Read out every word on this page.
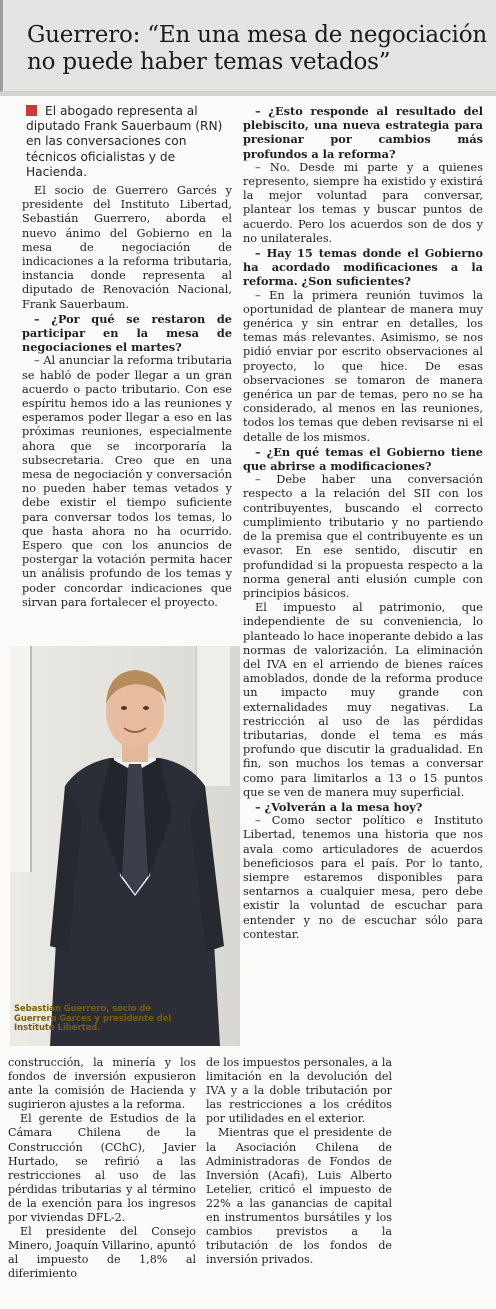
Guerrero: “En una mesa de negociación no puede haber temas vetados”

El abogado representa al diputado Frank Sauerbaum (RN) en las conversaciones con técnicos oficialistas y de Hacienda.

El socio de Guerrero Garcés y presidente del Instituto Libertad, Sebastián Guerrero, aborda el nuevo ánimo del Gobierno en la mesa de negociación de indicaciones a la reforma tributaria, instancia donde representa al diputado de Renovación Nacional, Frank Sauerbaum.

– ¿Por qué se restaron de participar en la mesa de negociaciones el martes?

– Al anunciar la reforma tributaria se habló de poder llegar a un gran acuerdo o pacto tributario. Con ese espíritu hemos ido a las reuniones y esperamos poder llegar a eso en las próximas reuniones, especialmente ahora que se incorporaría la subsecretaria. Creo que en una mesa de negociación y conversación no pueden haber temas vetados y debe existir el tiempo suficiente para conversar todos los temas, lo que hasta ahora no ha ocurrido. Espero que con los anuncios de postergar la votación permita hacer un análisis profundo de los temas y poder concordar indicaciones que sirvan para fortalecer el proyecto.

– ¿Esto responde al resultado del plebiscito, una nueva estrategia para presionar por cambios más profundos a la reforma?

– No. Desde mi parte y a quienes represento, siempre ha existido y existirá la mejor voluntad para conversar, plantear los temas y buscar puntos de acuerdo. Pero los acuerdos son de dos y no unilaterales.

– Hay 15 temas donde el Gobierno ha acordado modificaciones a la reforma. ¿Son suficientes?

– En la primera reunión tuvimos la oportunidad de plantear de manera muy genérica y sin entrar en detalles, los temas más relevantes. Asimismo, se nos pidió enviar por escrito observaciones al proyecto, lo que hice. De esas observaciones se tomaron de manera genérica un par de temas, pero no se ha considerado, al menos en las reuniones, todos los temas que deben revisarse ni el detalle de los mismos.

– ¿En qué temas el Gobierno tiene que abrirse a modificaciones?

– Debe haber una conversación respecto a la relación del SII con los contribuyentes, buscando el correcto cumplimiento tributario y no partiendo de la premisa que el contribuyente es un evasor. En ese sentido, discutir en profundidad si la propuesta respecto a la norma general anti elusión cumple con principios básicos.

El impuesto al patrimonio, que independiente de su conveniencia, lo planteado lo hace inoperante debido a las normas de valorización. La eliminación del IVA en el arriendo de bienes raíces amoblados, donde de la reforma produce un impacto muy grande con externalidades muy negativas. La restricción al uso de las pérdidas tributarias, donde el tema es más profundo que discutir la gradualidad. En fin, son muchos los temas a conversar como para limitarlos a 13 o 15 puntos que se ven de manera muy superficial.

– ¿Volverán a la mesa hoy?

– Como sector político e Instituto Libertad, tenemos una historia que nos avala como articuladores de acuerdos beneficiosos para el país. Por lo tanto, siempre estaremos disponibles para sentarnos a cualquier mesa, pero debe existir la voluntad de escuchar para entender y no de escuchar sólo para contestar.

Sebastián Guerrero, socio de Guerrero Garces y presidente del Instituto Libertad.

construcción, la minería y los fondos de inversión expusieron ante la comisión de Hacienda y sugirieron ajustes a la reforma.

El gerente de Estudios de la Cámara Chilena de la Construcción (CChC), Javier Hurtado, se refirió a las restricciones al uso de las pérdidas tributarias y al término de la exención para los ingresos por viviendas DFL-2.

El presidente del Consejo Minero, Joaquín Villarino, apuntó al impuesto de 1,8% al diferimiento

de los impuestos personales, a la limitación en la devolución del IVA y a la doble tributación por las restricciones a los créditos por utilidades en el exterior.

Mientras que el presidente de la Asociación Chilena de Administradoras de Fondos de Inversión (Acafi), Luis Alberto Letelier, criticó el impuesto de 22% a las ganancias de capital en instrumentos bursátiles y los cambios previstos a la tributación de los fondos de inversión privados.
